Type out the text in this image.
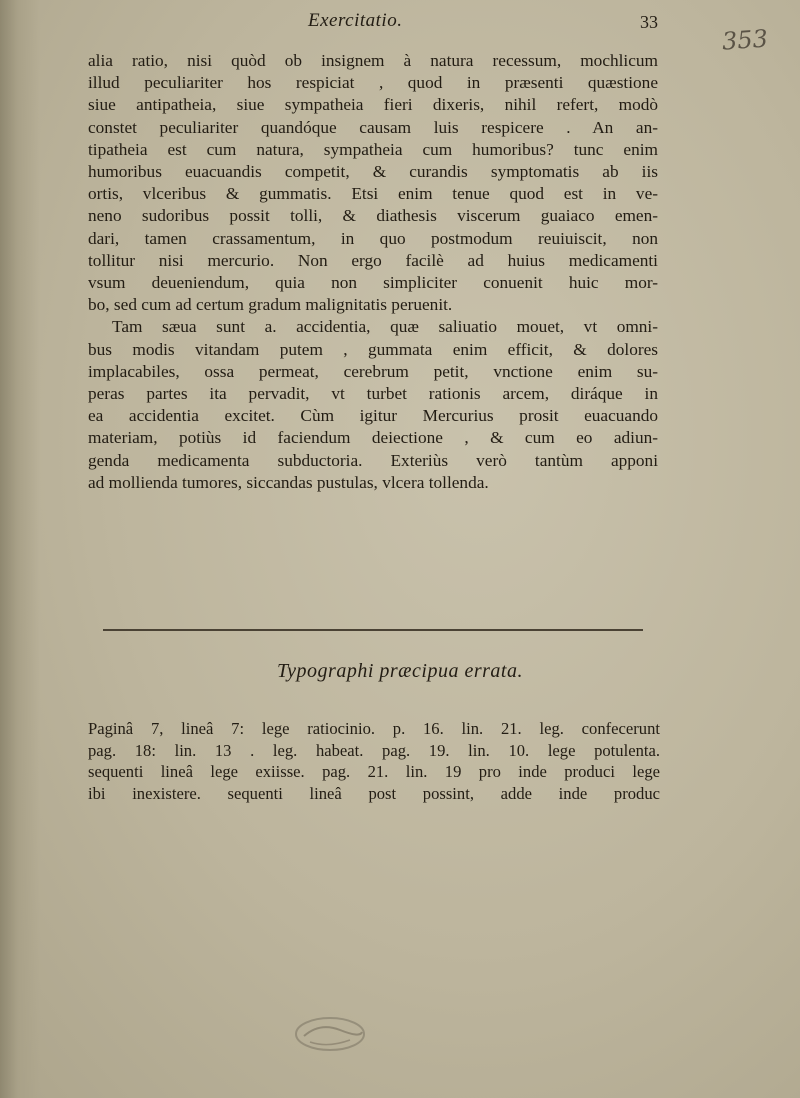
Exercitatio.	33
353
alia ratio, nisi quòd ob insignem à natura recessum, mochlicum
illud peculiariter hos respiciat , quod in præsenti quæstione
siue antipatheia, siue sympatheia fieri dixeris, nihil refert, modò
constet peculiariter quandóque causam luis respicere . An an-
tipatheia est cum natura, sympatheia cum humoribus? tunc enim
humoribus euacuandis competit, & curandis symptomatis ab iis
ortis, vlceribus & gummatis. Etsi enim tenue quod est in ve-
neno sudoribus possit tolli, & diathesis viscerum guaiaco emen-
dari, tamen crassamentum, in quo postmodum reuiuiscit, non
tollitur nisi mercurio. Non ergo facilè ad huius medicamenti
vsum deueniendum, quia non simpliciter conuenit huic mor-
bo, sed cum ad certum gradum malignitatis peruenit.
Tam sæua sunt a. accidentia, quæ saliuatio mouet, vt omni-
bus modis vitandam putem , gummata enim efficit, & dolores
implacabiles, ossa permeat, cerebrum petit, vnctione enim su-
peras partes ita pervadit, vt turbet rationis arcem, diráque in
ea accidentia excitet. Cùm igitur Mercurius prosit euacuando
materiam, potiùs id faciendum deiectione , & cum eo adiun-
genda medicamenta subductoria. Exteriùs verò tantùm apponi
ad mollienda tumores, siccandas pustulas, vlcera tollenda.
Typographi præcipua errata.
Paginâ 7, lineâ 7: lege ratiocinio. p. 16. lin. 21. leg. confecerunt
pag. 18: lin. 13 . leg. habeat. pag. 19. lin. 10. lege potulenta.
sequenti lineâ lege exiisse. pag. 21. lin. 19 pro inde produci lege
ibi inexistere. sequenti lineâ post possint, adde inde produc
